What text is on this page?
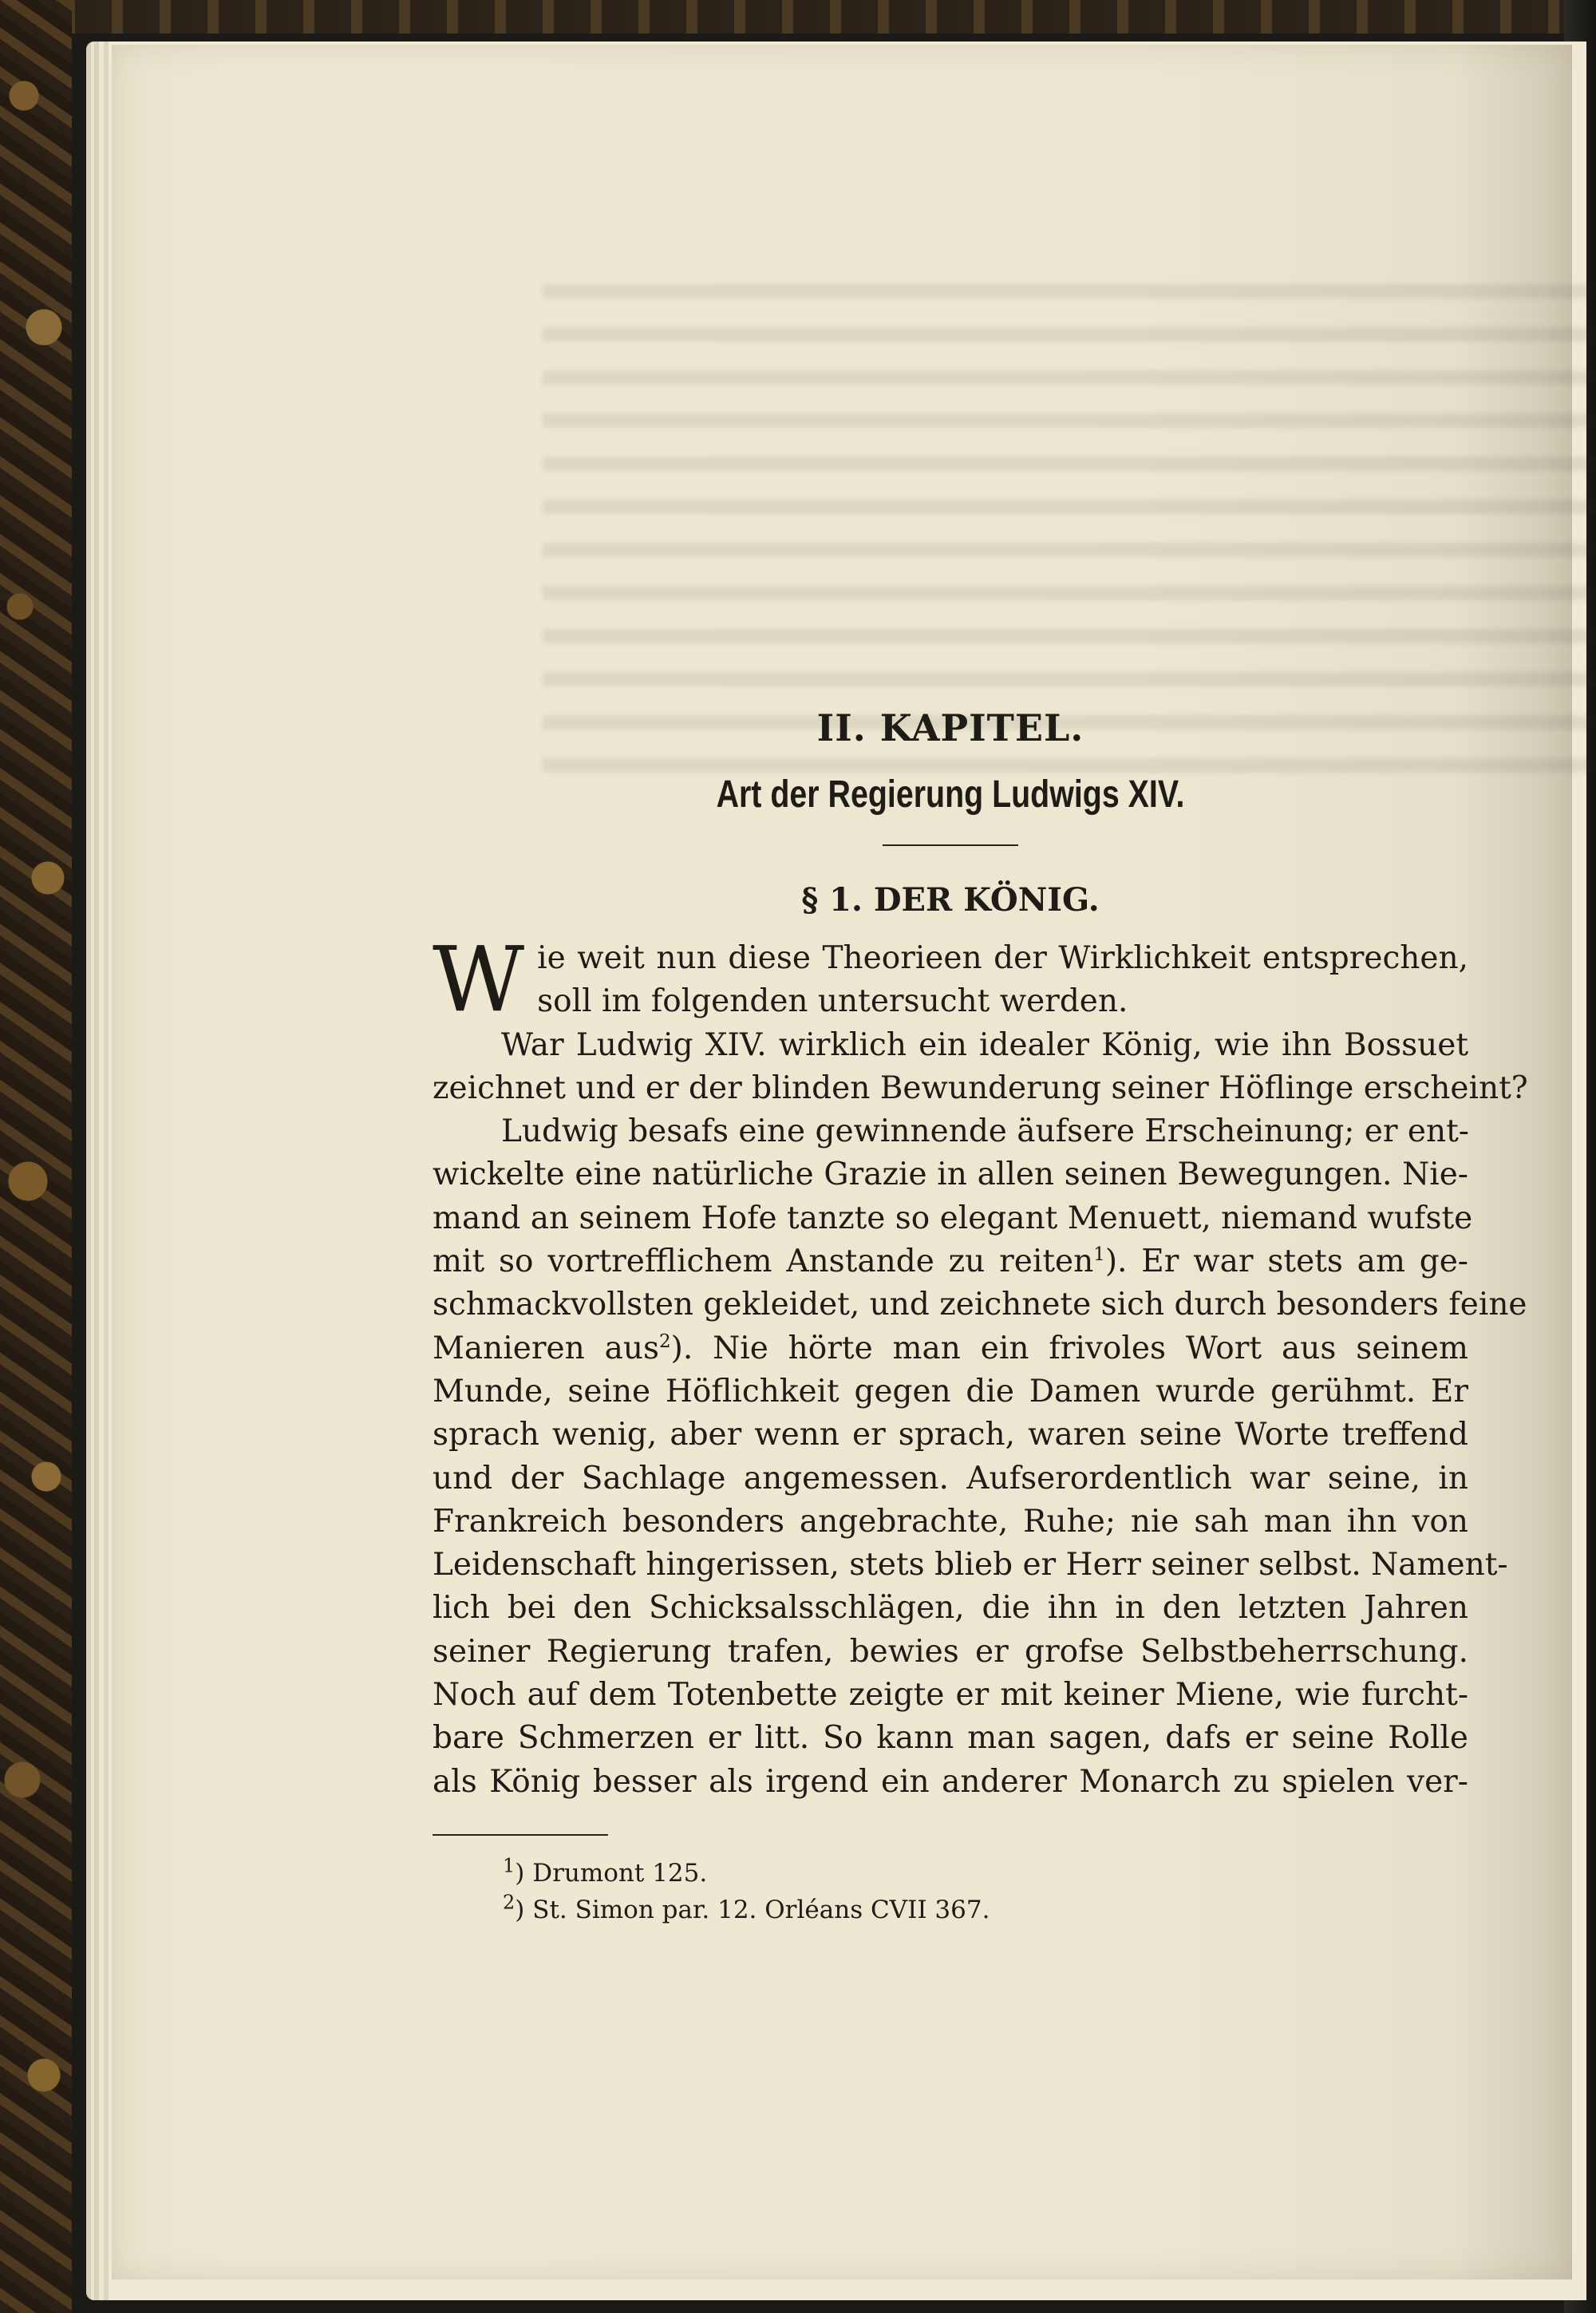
II. KAPITEL.
Art der Regierung Ludwigs XIV.
§ 1. DER KÖNIG.
W ie weit nun diese Theorieen der Wirklichkeit entsprechen,
soll im folgenden untersucht werden.
War Ludwig XIV. wirklich ein idealer König, wie ihn Bossuet
zeichnet und er der blinden Bewunderung seiner Höflinge erscheint?
Ludwig besafs eine gewinnende äufsere Erscheinung; er ent-
wickelte eine natürliche Grazie in allen seinen Bewegungen. Nie-
mand an seinem Hofe tanzte so elegant Menuett, niemand wufste
mit so vortrefflichem Anstande zu reiten$^1$). Er war stets am ge-
schmackvollsten gekleidet, und zeichnete sich durch besonders feine
Manieren aus$^2$). Nie hörte man ein frivoles Wort aus seinem
Munde, seine Höflichkeit gegen die Damen wurde gerühmt. Er
sprach wenig, aber wenn er sprach, waren seine Worte treffend
und der Sachlage angemessen. Aufserordentlich war seine, in
Frankreich besonders angebrachte, Ruhe; nie sah man ihn von
Leidenschaft hingerissen, stets blieb er Herr seiner selbst. Nament-
lich bei den Schicksalsschlägen, die ihn in den letzten Jahren
seiner Regierung trafen, bewies er grofse Selbstbeherrschung.
Noch auf dem Totenbette zeigte er mit keiner Miene, wie furcht-
bare Schmerzen er litt. So kann man sagen, dafs er seine Rolle
als König besser als irgend ein anderer Monarch zu spielen ver-
$^1$) Drumont 125.
$^2$) St. Simon par. 12. Orléans CVII 367.
